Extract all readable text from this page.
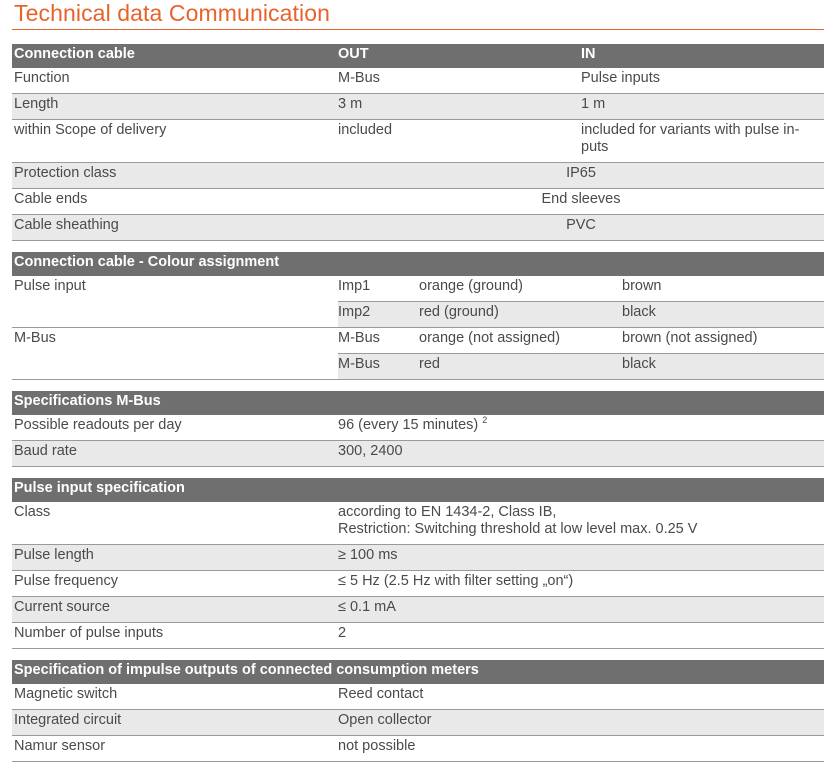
Technical data Communication
Connection cable	OUT	IN
Function	M-Bus	Pulse inputs
Length	3 m	1 m
within Scope of delivery	included	included for variants with pulse in-
puts
Protection class	IP65
Cable ends	End sleeves
Cable sheathing	PVC
Connection cable - Colour assignment
Pulse input	Imp1	orange (ground)	brown
Imp2	red (ground)	black
M-Bus	M-Bus	orange (not assigned)	brown (not assigned)
M-Bus	red	black
Specifications M-Bus
Possible readouts per day	96 (every 15 minutes) $^2$
Baud rate	300, 2400
Pulse input specification
Class	according to EN 1434-2, Class IB,
Restriction: Switching threshold at low level max. 0.25 V
Pulse length	≥ 100 ms
Pulse frequency	≤ 5 Hz (2.5 Hz with filter setting „on“)
Current source	≤ 0.1 mA
Number of pulse inputs	2
Specification of impulse outputs of connected consumption meters
Magnetic switch	Reed contact
Integrated circuit	Open collector
Namur sensor	not possible
